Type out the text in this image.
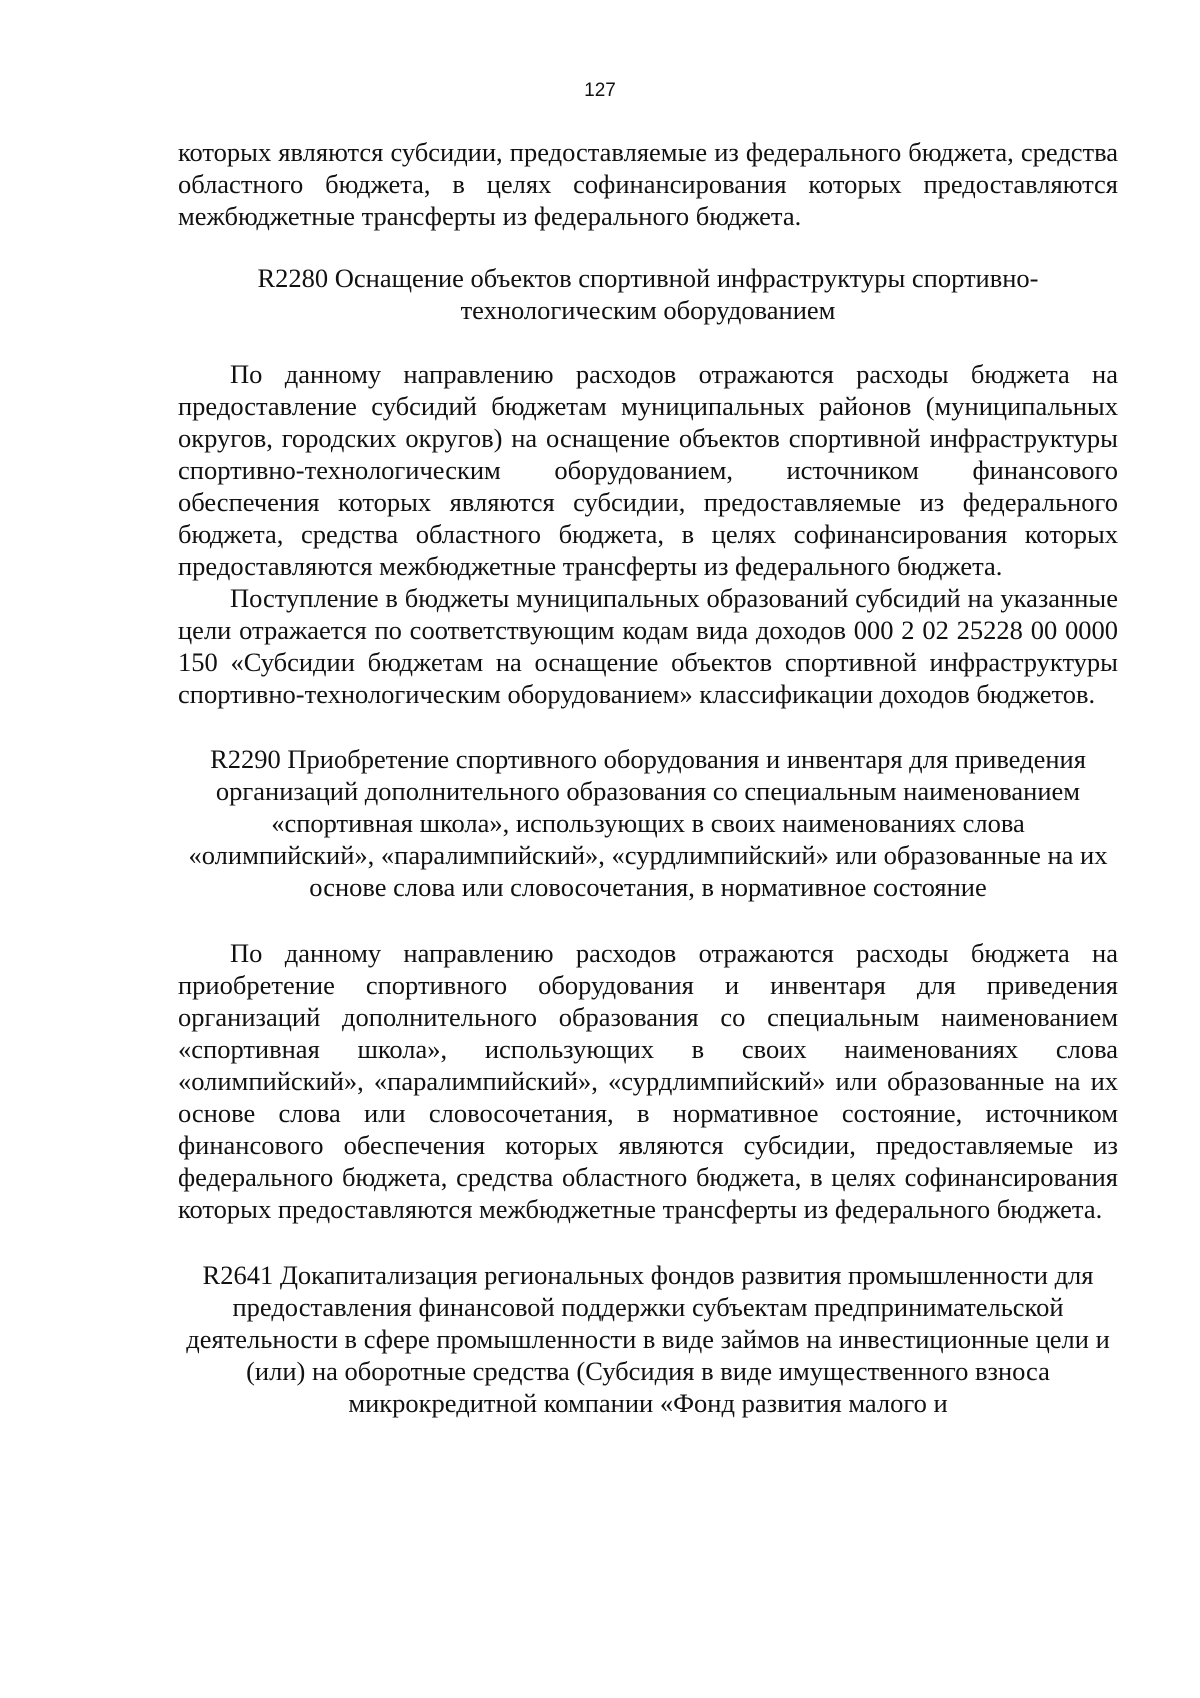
127

которых являются субсидии, предоставляемые из федерального бюджета, средства областного бюджета, в целях софинансирования которых предоставляются межбюджетные трансферты из федерального бюджета.

R2280 Оснащение объектов спортивной инфраструктуры спортивно-технологическим оборудованием

По данному направлению расходов отражаются расходы бюджета на предоставление субсидий бюджетам муниципальных районов (муниципальных округов, городских округов) на оснащение объектов спортивной инфраструктуры спортивно-технологическим оборудованием, источником финансового обеспечения которых являются субсидии, предоставляемые из федерального бюджета, средства областного бюджета, в целях софинансирования которых предоставляются межбюджетные трансферты из федерального бюджета.

Поступление в бюджеты муниципальных образований субсидий на указанные цели отражается по соответствующим кодам вида доходов 000 2 02 25228 00 0000 150 «Субсидии бюджетам на оснащение объектов спортивной инфраструктуры спортивно-технологическим оборудованием» классификации доходов бюджетов.

R2290 Приобретение спортивного оборудования и инвентаря для приведения организаций дополнительного образования со специальным наименованием «спортивная школа», использующих в своих наименованиях слова «олимпийский», «паралимпийский», «сурдлимпийский» или образованные на их основе слова или словосочетания, в нормативное состояние

По данному направлению расходов отражаются расходы бюджета на приобретение спортивного оборудования и инвентаря для приведения организаций дополнительного образования со специальным наименованием «спортивная школа», использующих в своих наименованиях слова «олимпийский», «паралимпийский», «сурдлимпийский» или образованные на их основе слова или словосочетания, в нормативное состояние, источником финансового обеспечения которых являются субсидии, предоставляемые из федерального бюджета, средства областного бюджета, в целях софинансирования которых предоставляются межбюджетные трансферты из федерального бюджета.

R2641 Докапитализация региональных фондов развития промышленности для предоставления финансовой поддержки субъектам предпринимательской деятельности в сфере промышленности в виде займов на инвестиционные цели и (или) на оборотные средства (Субсидия в виде имущественного взноса микрокредитной компании «Фонд развития малого и
